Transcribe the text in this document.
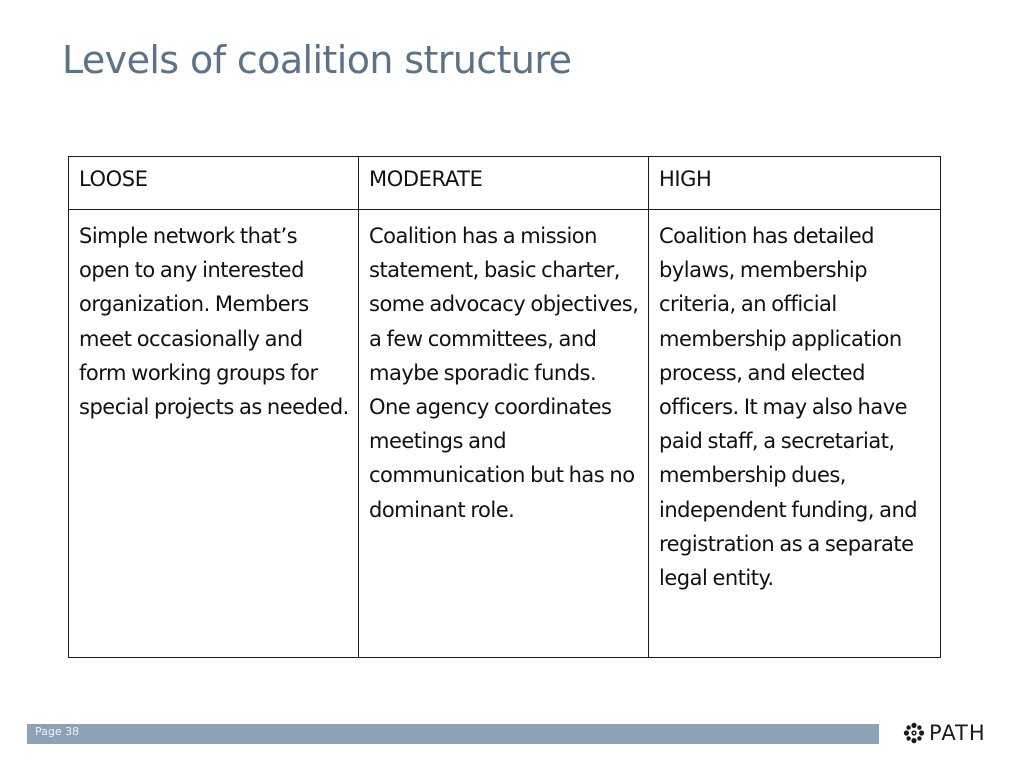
Levels of coalition structure
LOOSE	MODERATE	HIGH
Simple network that’s open to any interested organization. Members meet occasionally and form working groups for special projects as needed.	Coalition has a mission statement, basic charter, some advocacy objectives, a few committees, and maybe sporadic funds. One agency coordinates meetings and communication but has no dominant role.	Coalition has detailed bylaws, membership criteria, an official membership application process, and elected officers. It may also have paid staff, a secretariat, membership dues, independent funding, and registration as a separate legal entity.
Page 38	PATH
